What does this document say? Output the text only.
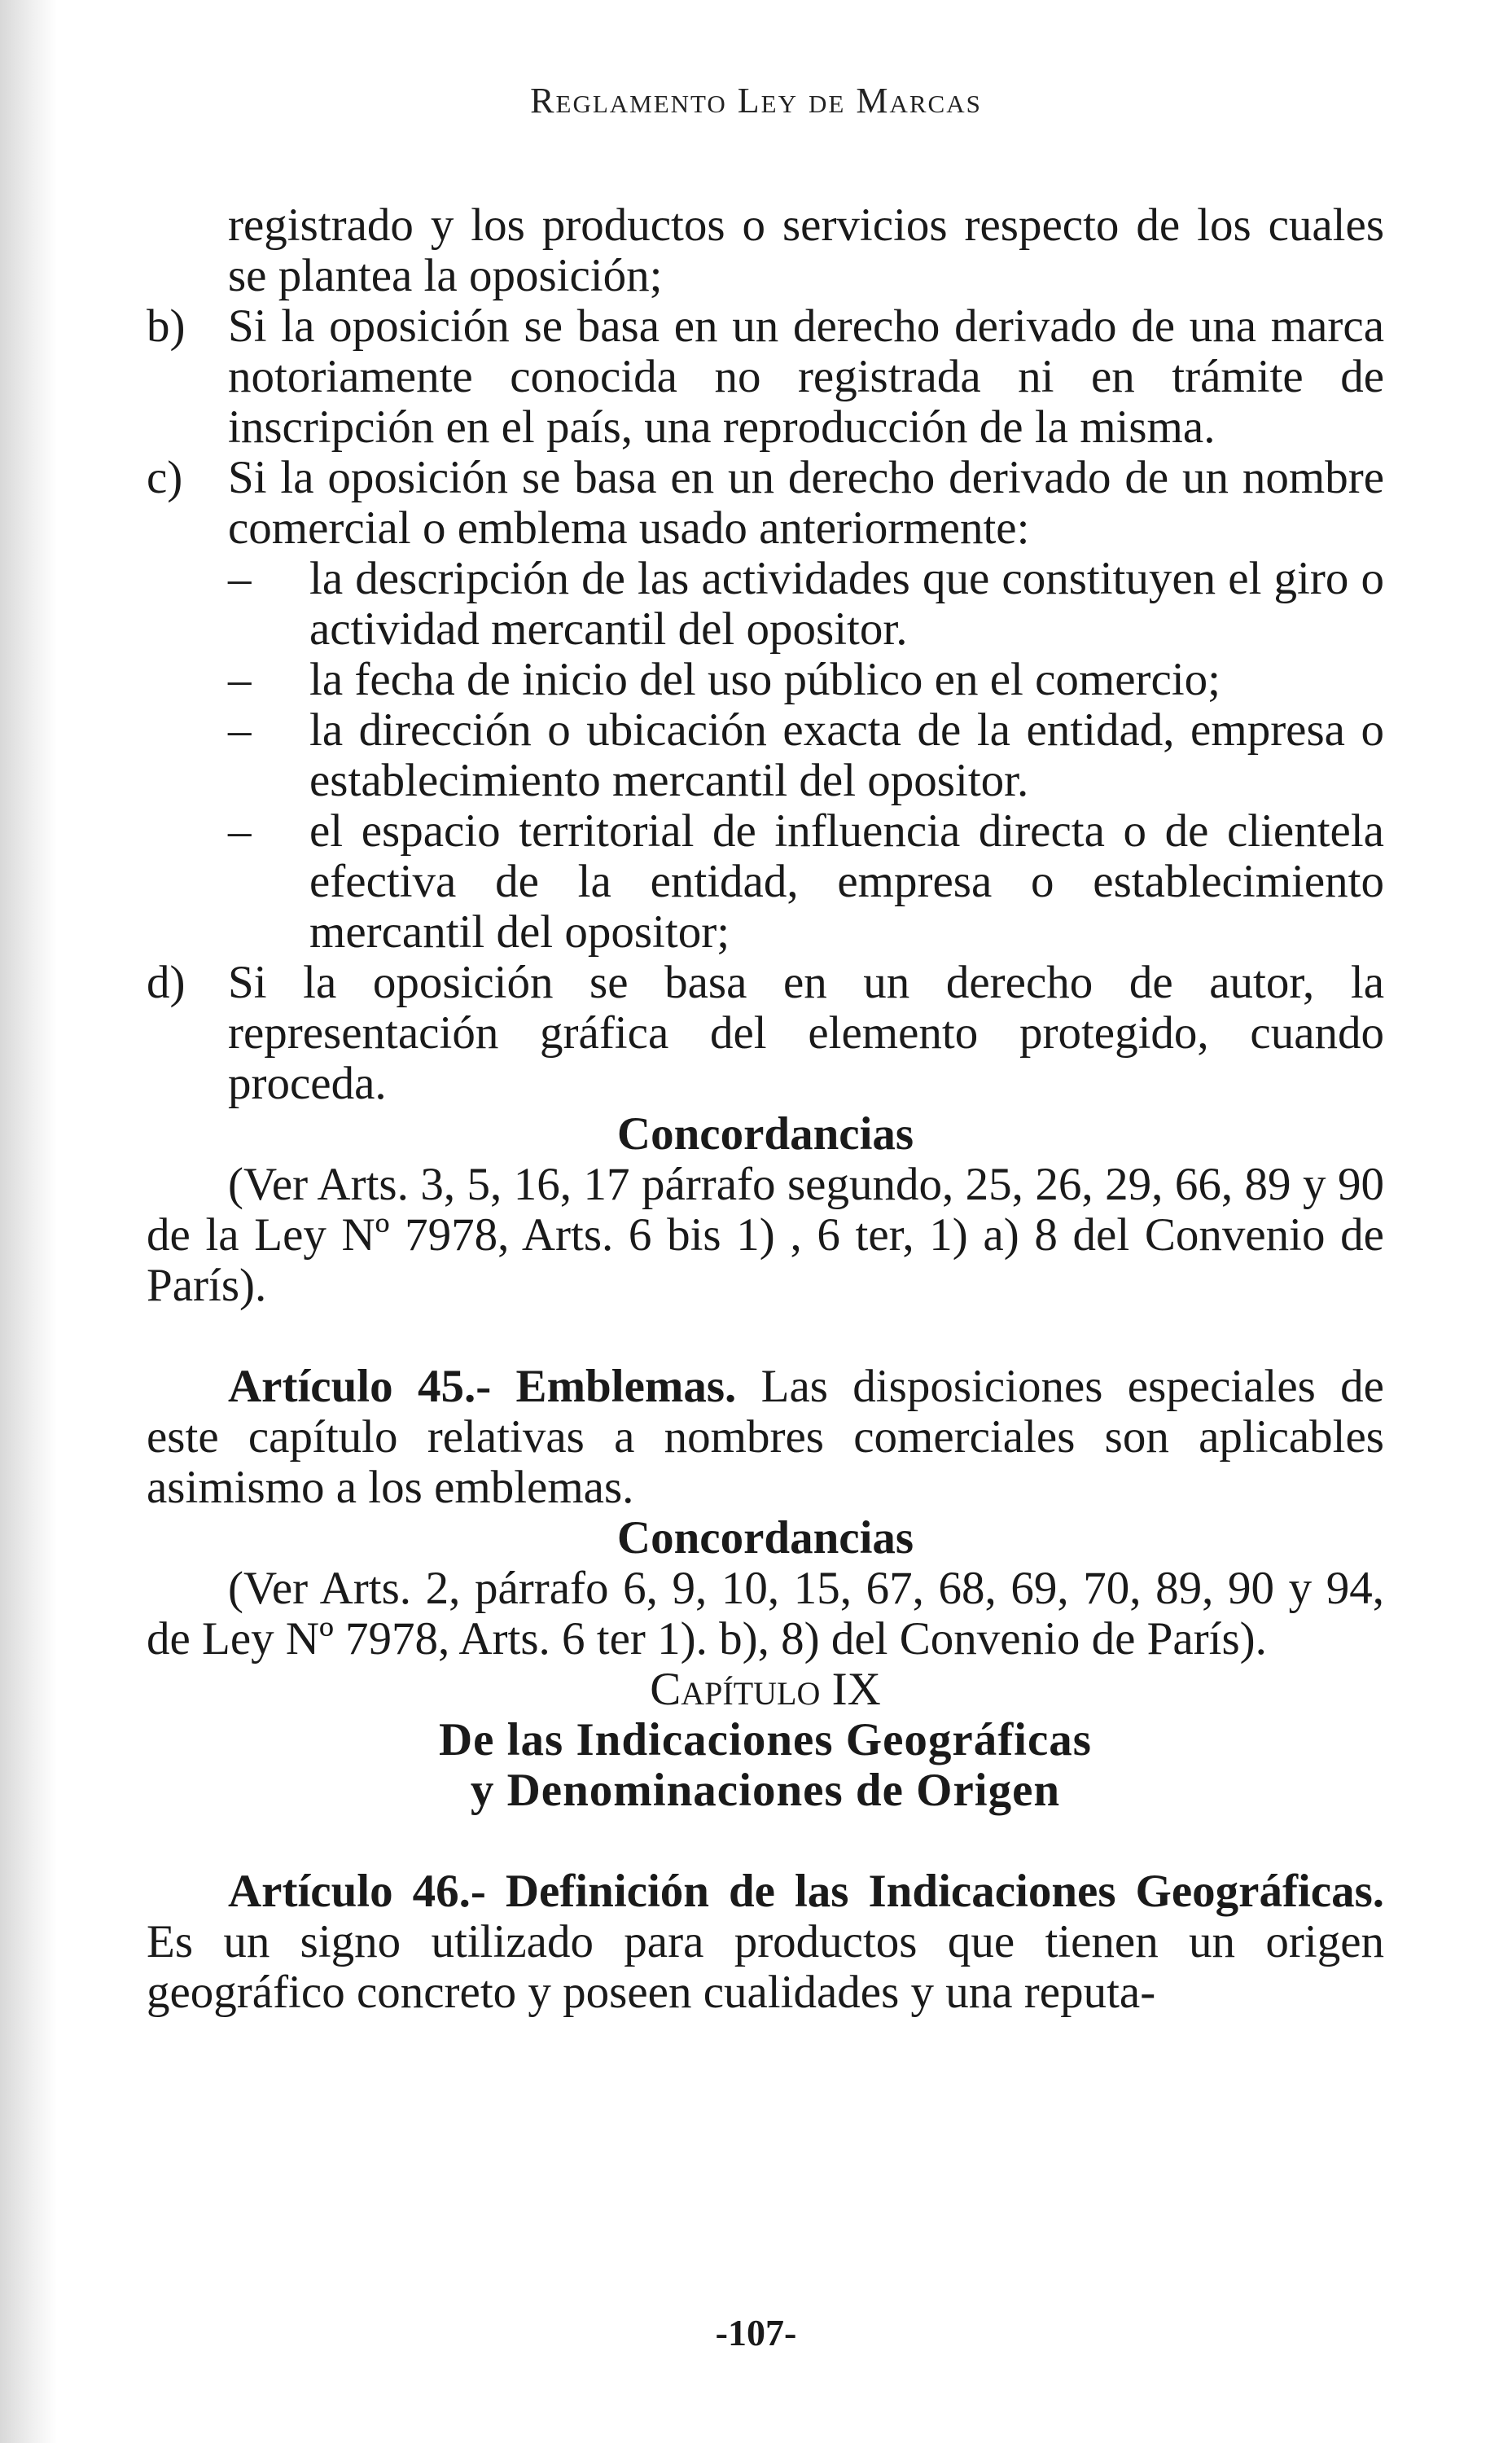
Reglamento Ley de Marcas

registrado y los productos o servicios respecto de los cuales se plantea la oposición;

b) Si la oposición se basa en un derecho derivado de una marca notoriamente conocida no registrada ni en trámite de inscripción en el país, una reproducción de la misma.
c) Si la oposición se basa en un derecho derivado de un nombre comercial o emblema usado anteriormente:
–	la descripción de las actividades que constituyen el giro o actividad mercantil del opositor.
–	la fecha de inicio del uso público en el comercio;
–	la dirección o ubicación exacta de la entidad, empresa o establecimiento mercantil del opositor.
–	el espacio territorial de influencia directa o de clientela efectiva de la entidad, empresa o establecimiento mercantil del opositor;
d) Si la oposición se basa en un derecho de autor, la representación gráfica del elemento protegido, cuando proceda.

Concordancias

(Ver Arts. 3, 5, 16, 17 párrafo segundo, 25, 26, 29, 66, 89 y 90 de la Ley Nº 7978, Arts. 6 bis 1) , 6 ter, 1) a) 8 del Convenio de París).

Artículo 45.- Emblemas. Las disposiciones especiales de este capítulo relativas a nombres comerciales son aplicables asimismo a los emblemas.

Concordancias

(Ver Arts. 2, párrafo 6, 9, 10, 15, 67, 68, 69, 70, 89, 90 y 94, de Ley Nº 7978, Arts. 6 ter 1). b), 8) del Convenio de París).

Capítulo IX

De las Indicaciones Geográficas

y Denominaciones de Origen

Artículo 46.- Definición de las Indicaciones Geográficas. Es un signo utilizado para productos que tienen un origen geográfico concreto y poseen cualidades y una reputa-

-107-
